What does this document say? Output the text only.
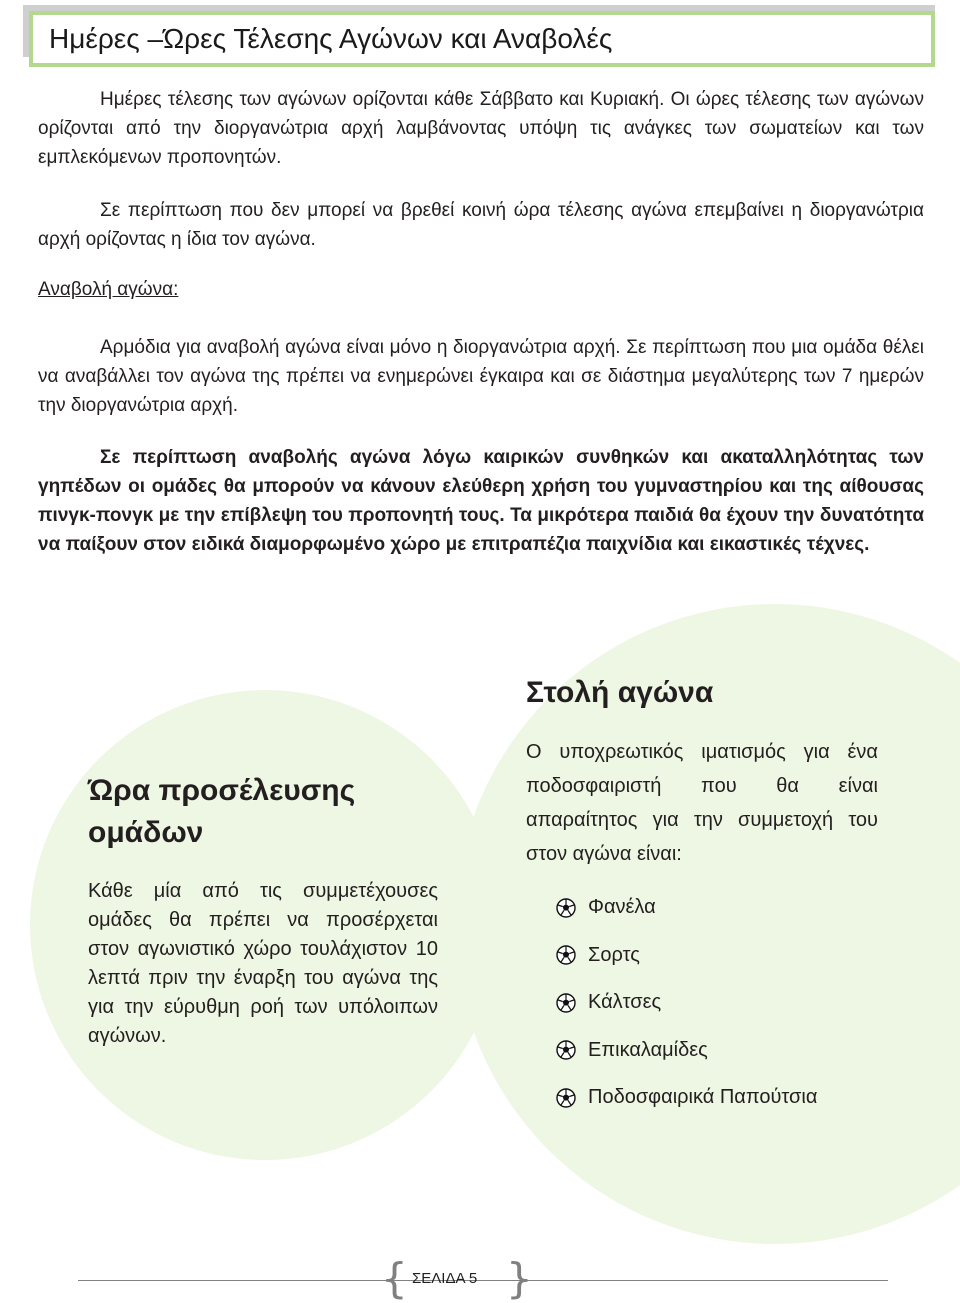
Ημέρες –Ώρες Τέλεσης Αγώνων και Αναβολές

Ημέρες τέλεσης των αγώνων ορίζονται κάθε Σάββατο και Κυριακή. Οι ώρες τέλεσης των αγώνων ορίζονται από την διοργανώτρια αρχή λαμβάνοντας υπόψη τις ανάγκες των σωματείων και των εμπλεκόμενων προπονητών.

Σε περίπτωση που δεν μπορεί να βρεθεί κοινή ώρα τέλεσης αγώνα επεμβαίνει η διοργανώτρια αρχή ορίζοντας η ίδια τον αγώνα.

Αναβολή αγώνα:

Αρμόδια για αναβολή αγώνα είναι μόνο η διοργανώτρια αρχή. Σε περίπτωση που μια ομάδα θέλει να αναβάλλει τον αγώνα της πρέπει να ενημερώνει έγκαιρα και σε διάστημα μεγαλύτερης των 7 ημερών την διοργανώτρια αρχή.

Σε περίπτωση αναβολής αγώνα λόγω καιρικών συνθηκών και ακαταλληλότητας των γηπέδων οι ομάδες θα μπορούν να κάνουν ελεύθερη χρήση του γυμναστηρίου και της αίθουσας πινγκ-πονγκ με την επίβλεψη του προπονητή τους. Τα μικρότερα παιδιά θα έχουν την δυνατότητα να παίξουν στον ειδικά διαμορφωμένο χώρο με επιτραπέζια παιχνίδια και εικαστικές τέχνες.

Στολή αγώνα

Ο υποχρεωτικός ιματισμός για ένα ποδοσφαιριστή που θα είναι απαραίτητος για την συμμετοχή του στον αγώνα είναι:

Φανέλα
Σορτς
Κάλτσες
Επικαλαμίδες
Ποδοσφαιρικά Παπούτσια
Ώρα προσέλευσης ομάδων

Κάθε μία από τις συμμετέχουσες ομάδες θα πρέπει να προσέρχεται στον αγωνιστικό χώρο τουλάχιστον 10 λεπτά πριν την έναρξη του αγώνα της για την εύρυθμη ροή των υπόλοιπων αγώνων.

{ }
ΣΕΛΙΔΑ 5
